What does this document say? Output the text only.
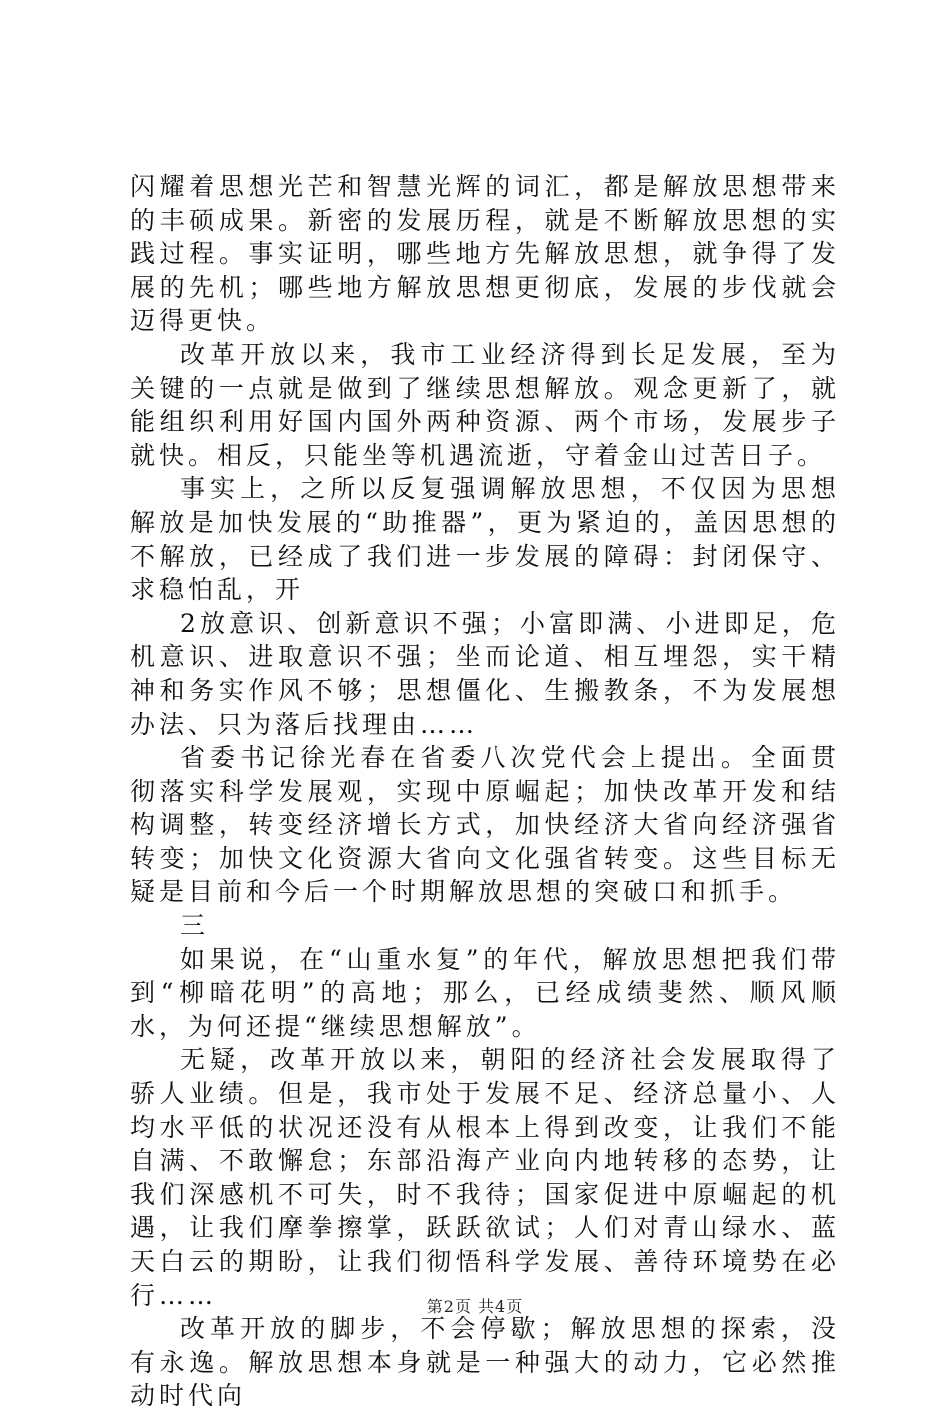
闪耀着思想光芒和智慧光辉的词汇，都是解放思想带来的丰硕成果。新密的发展历程，就是不断解放思想的实践过程。事实证明，哪些地方先解放思想，就争得了发展的先机；哪些地方解放思想更彻底，发展的步伐就会迈得更快。

改革开放以来，我市工业经济得到长足发展，至为关键的一点就是做到了继续思想解放。观念更新了，就能组织利用好国内国外两种资源、两个市场，发展步子就快。相反，只能坐等机遇流逝，守着金山过苦日子。

事实上，之所以反复强调解放思想，不仅因为思想解放是加快发展的“助推器”，更为紧迫的，盖因思想的不解放，已经成了我们进一步发展的障碍：封闭保守、求稳怕乱，开

2放意识、创新意识不强；小富即满、小进即足，危机意识、进取意识不强；坐而论道、相互埋怨，实干精神和务实作风不够；思想僵化、生搬教条，不为发展想办法、只为落后找理由……

省委书记徐光春在省委八次党代会上提出。全面贯彻落实科学发展观，实现中原崛起；加快改革开发和结构调整，转变经济增长方式，加快经济大省向经济强省转变；加快文化资源大省向文化强省转变。这些目标无疑是目前和今后一个时期解放思想的突破口和抓手。

三

如果说，在“山重水复”的年代，解放思想把我们带到“柳暗花明”的高地；那么，已经成绩斐然、顺风顺水，为何还提“继续思想解放”。

无疑，改革开放以来，朝阳的经济社会发展取得了骄人业绩。但是，我市处于发展不足、经济总量小、人均水平低的状况还没有从根本上得到改变，让我们不能自满、不敢懈怠；东部沿海产业向内地转移的态势，让我们深感机不可失，时不我待；国家促进中原崛起的机遇，让我们摩拳擦掌，跃跃欲试；人们对青山绿水、蓝天白云的期盼，让我们彻悟科学发展、善待环境势在必行……

改革开放的脚步，不会停歇；解放思想的探索，没有永逸。解放思想本身就是一种强大的动力，它必然推动时代向

第2页 共4页
